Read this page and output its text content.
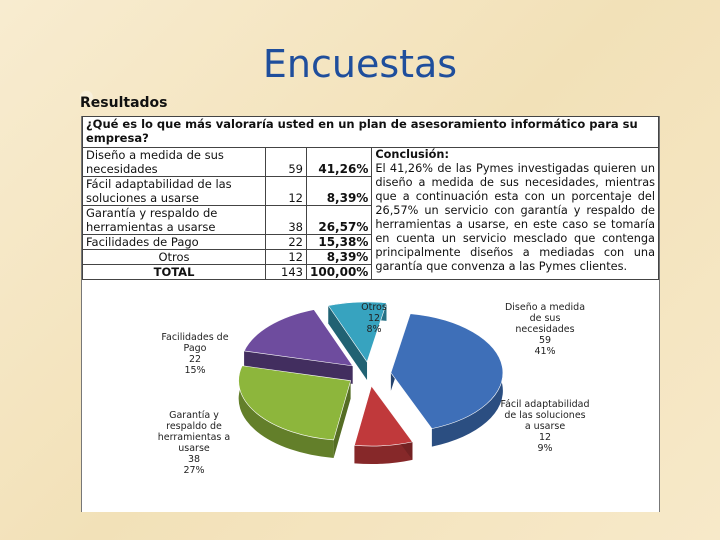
Encuestas
Resultados
¿Qué es lo que más valoraría usted en un plan de asesoramiento informático para su empresa?			
Diseño a medida de sus necesidades	59	41,26%	Conclusión:
El 41,26% de las Pymes investigadas quieren un diseño a medida de sus necesidades, mientras que a continuación esta con un porcentaje del 26,57% un servicio con garantía y respaldo de herramientas a usarse, en este caso se tomaría en cuenta un servicio mesclado que contenga principalmente diseños a mediadas con una garantía que convenza a las Pymes clientes.
Fácil adaptabilidad de las soluciones a usarse	12	8,39%	
Garantía y respaldo de herramientas a usarse	38	26,57%	
Facilidades de Pago	22	15,38%	
Otros	12	8,39%	
TOTAL	143	100,00%	
Diseño a medida de sus necesidades
59
41%
Fácil adaptabilidad de las soluciones a usarse
12
9%
Garantía y respaldo de herramientas a usarse
38
27%
Facilidades de Pago
22
15%
Otros
12
8%
